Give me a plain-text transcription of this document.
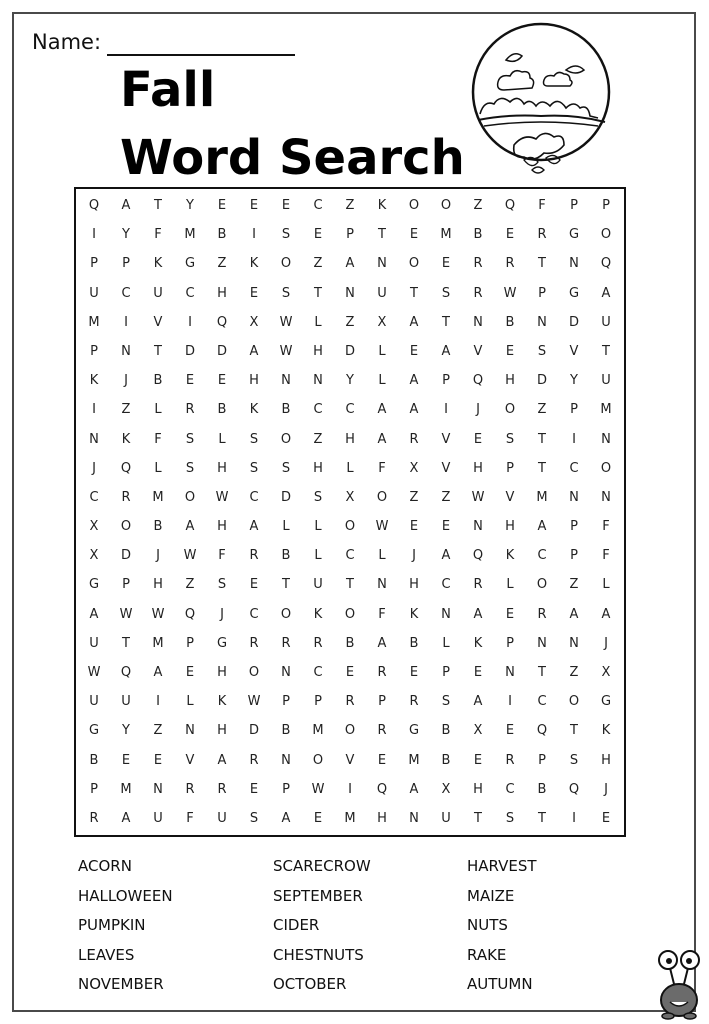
Name:
Fall
Word Search
Q	A	T	Y	E	E	E	C	Z	K	O	O	Z	Q	F	P	P
I	Y	F	M	B	I	S	E	P	T	E	M	B	E	R	G	O
P	P	K	G	Z	K	O	Z	A	N	O	E	R	R	T	N	Q
U	C	U	C	H	E	S	T	N	U	T	S	R	W	P	G	A
M	I	V	I	Q	X	W	L	Z	X	A	T	N	B	N	D	U
P	N	T	D	D	A	W	H	D	L	E	A	V	E	S	V	T
K	J	B	E	E	H	N	N	Y	L	A	P	Q	H	D	Y	U
I	Z	L	R	B	K	B	C	C	A	A	I	J	O	Z	P	M
N	K	F	S	L	S	O	Z	H	A	R	V	E	S	T	I	N
J	Q	L	S	H	S	S	H	L	F	X	V	H	P	T	C	O
C	R	M	O	W	C	D	S	X	O	Z	Z	W	V	M	N	N
X	O	B	A	H	A	L	L	O	W	E	E	N	H	A	P	F
X	D	J	W	F	R	B	L	C	L	J	A	Q	K	C	P	F
G	P	H	Z	S	E	T	U	T	N	H	C	R	L	O	Z	L
A	W	W	Q	J	C	O	K	O	F	K	N	A	E	R	A	A
U	T	M	P	G	R	R	R	B	A	B	L	K	P	N	N	J
W	Q	A	E	H	O	N	C	E	R	E	P	E	N	T	Z	X
U	U	I	L	K	W	P	P	R	P	R	S	A	I	C	O	G
G	Y	Z	N	H	D	B	M	O	R	G	B	X	E	Q	T	K
B	E	E	V	A	R	N	O	V	E	M	B	E	R	P	S	H
P	M	N	R	R	E	P	W	I	Q	A	X	H	C	B	Q	J
R	A	U	F	U	S	A	E	M	H	N	U	T	S	T	I	E
ACORN	SCARECROW	HARVEST
HALLOWEEN	SEPTEMBER	MAIZE
PUMPKIN	CIDER	NUTS
LEAVES	CHESTNUTS	RAKE
NOVEMBER	OCTOBER	AUTUMN
